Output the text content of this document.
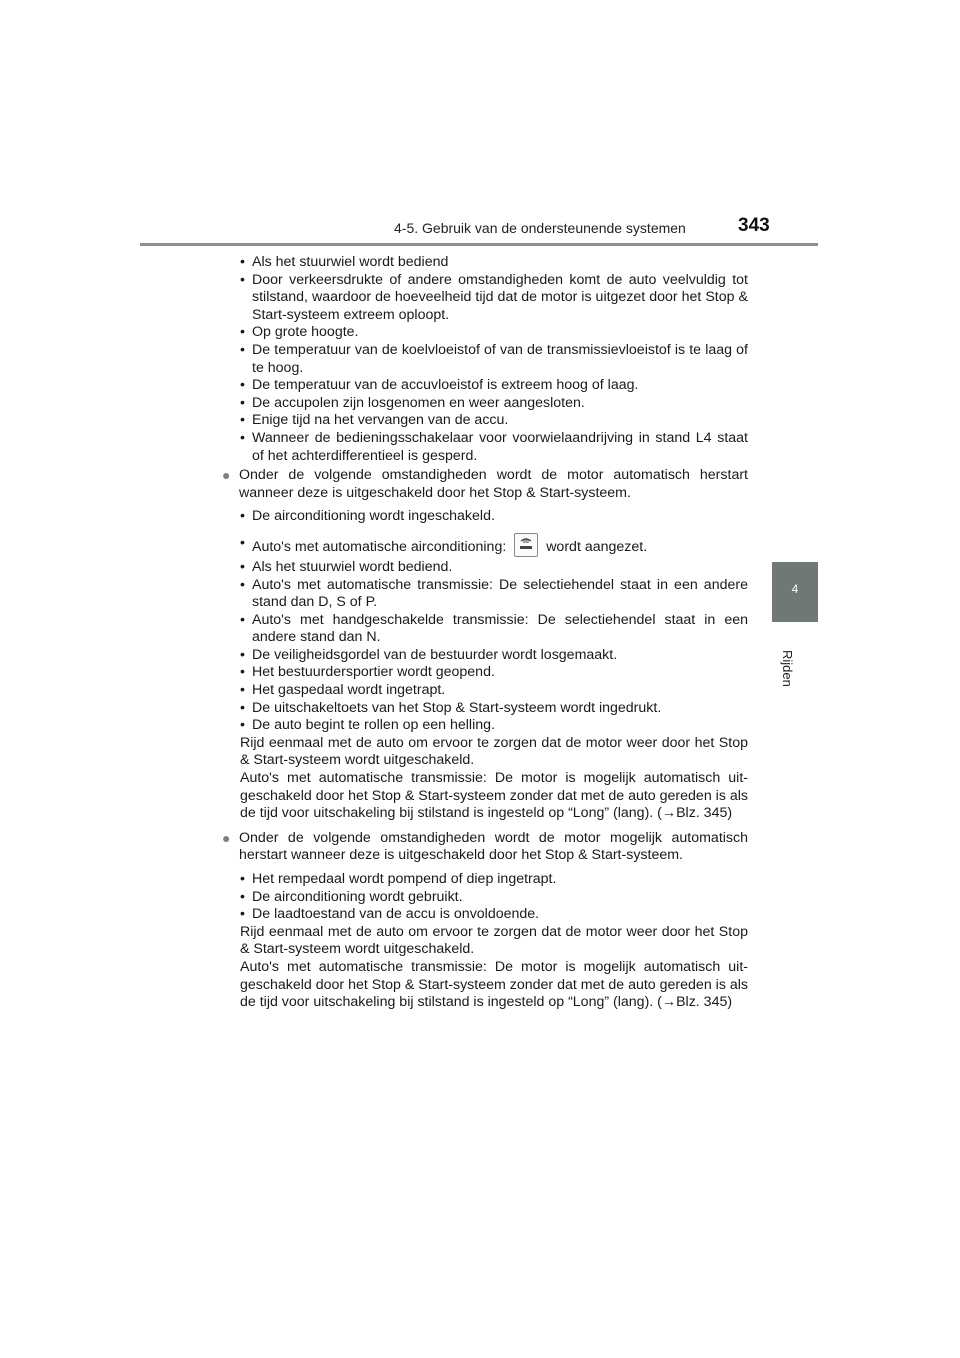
4-5. Gebruik van de ondersteunende systemen	343
4
Rijden
• Als het stuurwiel wordt bediend
• Door verkeersdrukte of andere omstandigheden komt de auto veelvuldig tot stilstand, waardoor de hoeveelheid tijd dat de motor is uitgezet door het Stop & Start-systeem extreem oploopt.
• Op grote hoogte.
• De temperatuur van de koelvloeistof of van de transmissievloeistof is te laag of te hoog.
• De temperatuur van de accuvloeistof is extreem hoog of laag.
• De accupolen zijn losgenomen en weer aangesloten.
• Enige tijd na het vervangen van de accu.
• Wanneer de bedieningsschakelaar voor voorwielaandrijving in stand L4 staat of het achterdifferentieel is gesperd.
● Onder de volgende omstandigheden wordt de motor automatisch herstart wanneer deze is uitgeschakeld door het Stop & Start-systeem.
• De airconditioning wordt ingeschakeld.
• Auto's met automatische airconditioning:	wordt aangezet.
• Als het stuurwiel wordt bediend.
• Auto's met automatische transmissie: De selectiehendel staat in een andere stand dan D, S of P.
• Auto's met handgeschakelde transmissie: De selectiehendel staat in een andere stand dan N.
• De veiligheidsgordel van de bestuurder wordt losgemaakt.
• Het bestuurdersportier wordt geopend.
• Het gaspedaal wordt ingetrapt.
• De uitschakeltoets van het Stop & Start-systeem wordt ingedrukt.
• De auto begint te rollen op een helling.
Rijd eenmaal met de auto om ervoor te zorgen dat de motor weer door het Stop & Start-systeem wordt uitgeschakeld.
Auto's met automatische transmissie: De motor is mogelijk automatisch uit-geschakeld door het Stop & Start-systeem zonder dat met de auto gereden is als de tijd voor uitschakeling bij stilstand is ingesteld op “Long” (lang). (→Blz. 345)
● Onder de volgende omstandigheden wordt de motor mogelijk automatisch herstart wanneer deze is uitgeschakeld door het Stop & Start-systeem.
• Het rempedaal wordt pompend of diep ingetrapt.
• De airconditioning wordt gebruikt.
• De laadtoestand van de accu is onvoldoende.
Rijd eenmaal met de auto om ervoor te zorgen dat de motor weer door het Stop & Start-systeem wordt uitgeschakeld.
Auto's met automatische transmissie: De motor is mogelijk automatisch uit-geschakeld door het Stop & Start-systeem zonder dat met de auto gereden is als de tijd voor uitschakeling bij stilstand is ingesteld op “Long” (lang). (→Blz. 345)
